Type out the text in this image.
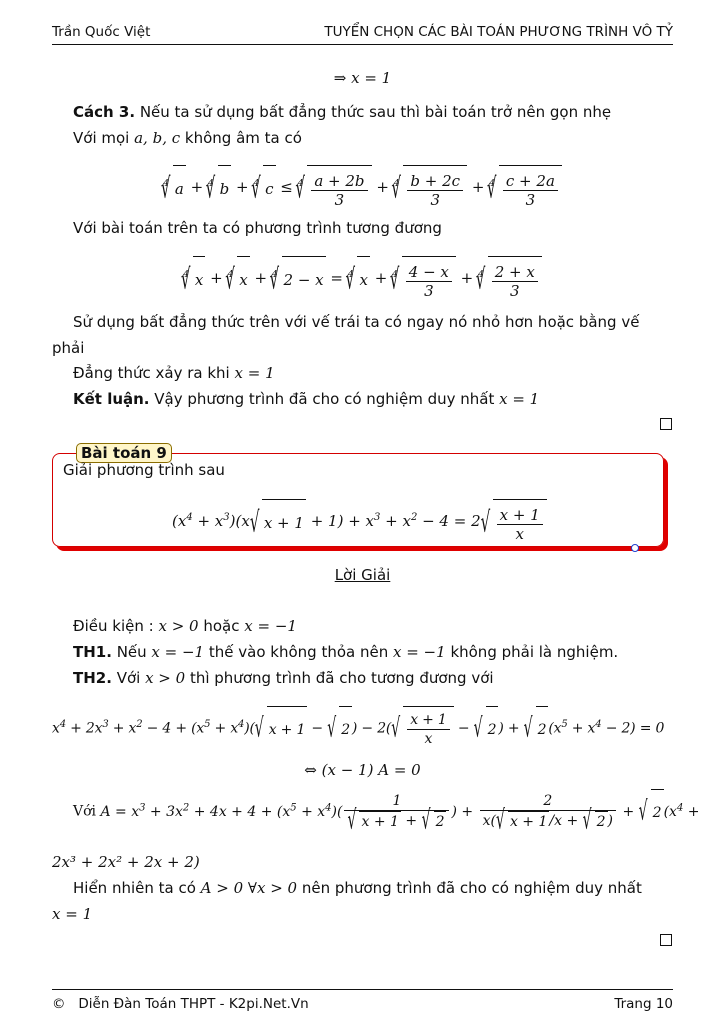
Trần Quốc Việt	TUYỂN CHỌN CÁC BÀI TOÁN PHƯƠNG TRÌNH VÔ TỶ
⇒ x = 1
Cách 3. Nếu ta sử dụng bất đẳng thức sau thì bài toán trở nên gọn nhẹ
Với mọi a, b, c không âm ta có
$^4$√ a + $^4$√ b + $^4$√ c ≤ $^4$
√ $\frac{a + 2b}{3} + ^4$
√ $\frac{b + 2c}{3} + ^4$
√ $\frac{c + 2a}{3}$
Với bài toán trên ta có phương trình tương đương
$^4$√ x + $^4$√ x + $^4$√ 2 − x = $^4$√ x + $^4$
√ $\frac{4 - x}{3} + ^4$
√ $\frac{2 + x}{3}$
Sử dụng bất đẳng thức trên với vế trái ta có ngay nó nhỏ hơn hoặc bằng vế
phải
Đẳng thức xảy ra khi x = 1
Kết luận. Vậy phương trình đã cho có nghiệm duy nhất x = 1
Bài toán 9
Giải phương trình sau
$(x^4 + x^3)(x√$ $x + 1 + 1) + x^3 + x^2 - 4 = 2$
√ $\frac{x + 1}{x}$
Lời Giải
Điều kiện : x > 0 hoặc x = −1
TH1. Nếu x = −1 thế vào không thỏa nên x = −1 không phải là nghiệm.
TH2. Với x > 0 thì phương trình đã cho tương đương với
$x^4 + 2x^3 + x^2 - 4 + (x^5 + x^4)(√$ x + 1 − √ 2 ) − 2(
√ $\frac{x + 1}{x}$ − √ 2 ) + √ 2 $(x^5 + x^4 - 2) = 0$
⇔ (x − 1) A = 0
Với $A = x^3 + 3x^2 + 4x + 4 + (x^5 + x^4)$( 1
√ x + 1 + √ 2 ) + $\frac{2}{x(√ x + 1 /x + √ 2 )}$ + √ 2 ($x^4$ +
2x³ + 2x² + 2x + 2)
Hiển nhiên ta có A > 0 ∀x > 0 nên phương trình đã cho có nghiệm duy nhất
x = 1
© Diễn Đàn Toán THPT - K2pi.Net.Vn	Trang 10
